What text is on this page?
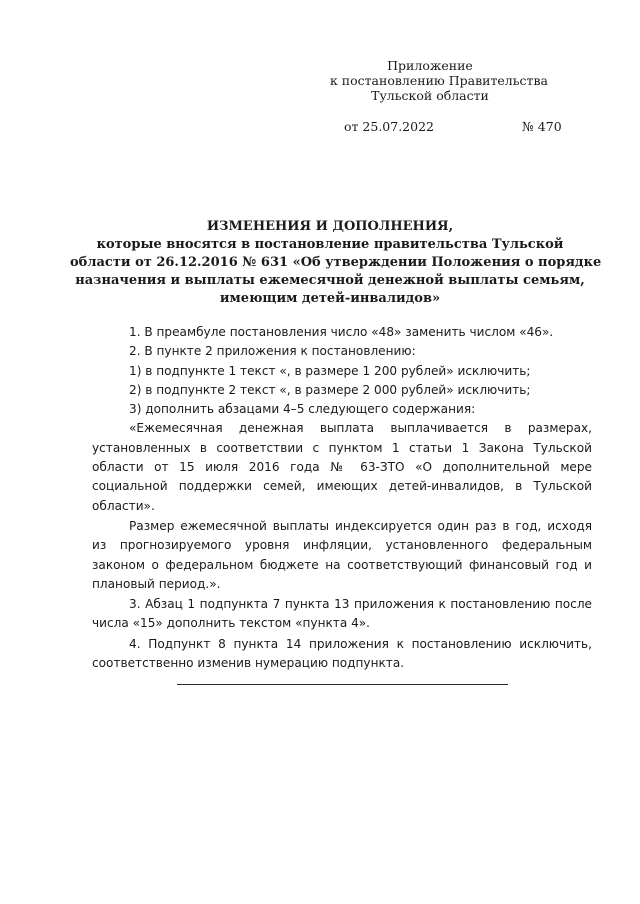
Приложение
к постановлению Правительства
Тульской области
от 25.07.2022	№ 470
ИЗМЕНЕНИЯ И ДОПОЛНЕНИЯ,
которые вносятся в постановление правительства Тульской
области от 26.12.2016 № 631 «Об утверждении Положения о порядке
назначения и выплаты ежемесячной денежной выплаты семьям,
имеющим детей-инвалидов»

1. В преамбуле постановления число «48» заменить числом «46».

2. В пункте 2 приложения к постановлению:

1) в подпункте 1 текст «, в размере 1 200 рублей» исключить;

2) в подпункте 2 текст «, в размере 2 000 рублей» исключить;

3) дополнить абзацами 4–5 следующего содержания:

«Ежемесячная денежная выплата выплачивается в размерах, установленных в соответствии с пунктом 1 статьи 1 Закона Тульской области от 15 июля 2016 года № 63-ЗТО «О дополнительной мере социальной поддержки семей, имеющих детей-инвалидов, в Тульской области».

Размер ежемесячной выплаты индексируется один раз в год, исходя из прогнозируемого уровня инфляции, установленного федеральным законом о федеральном бюджете на соответствующий финансовый год и плановый период.».

3. Абзац 1 подпункта 7 пункта 13 приложения к постановлению после числа «15» дополнить текстом «пункта 4».

4. Подпункт 8 пункта 14 приложения к постановлению исключить, соответственно изменив нумерацию подпункта.
